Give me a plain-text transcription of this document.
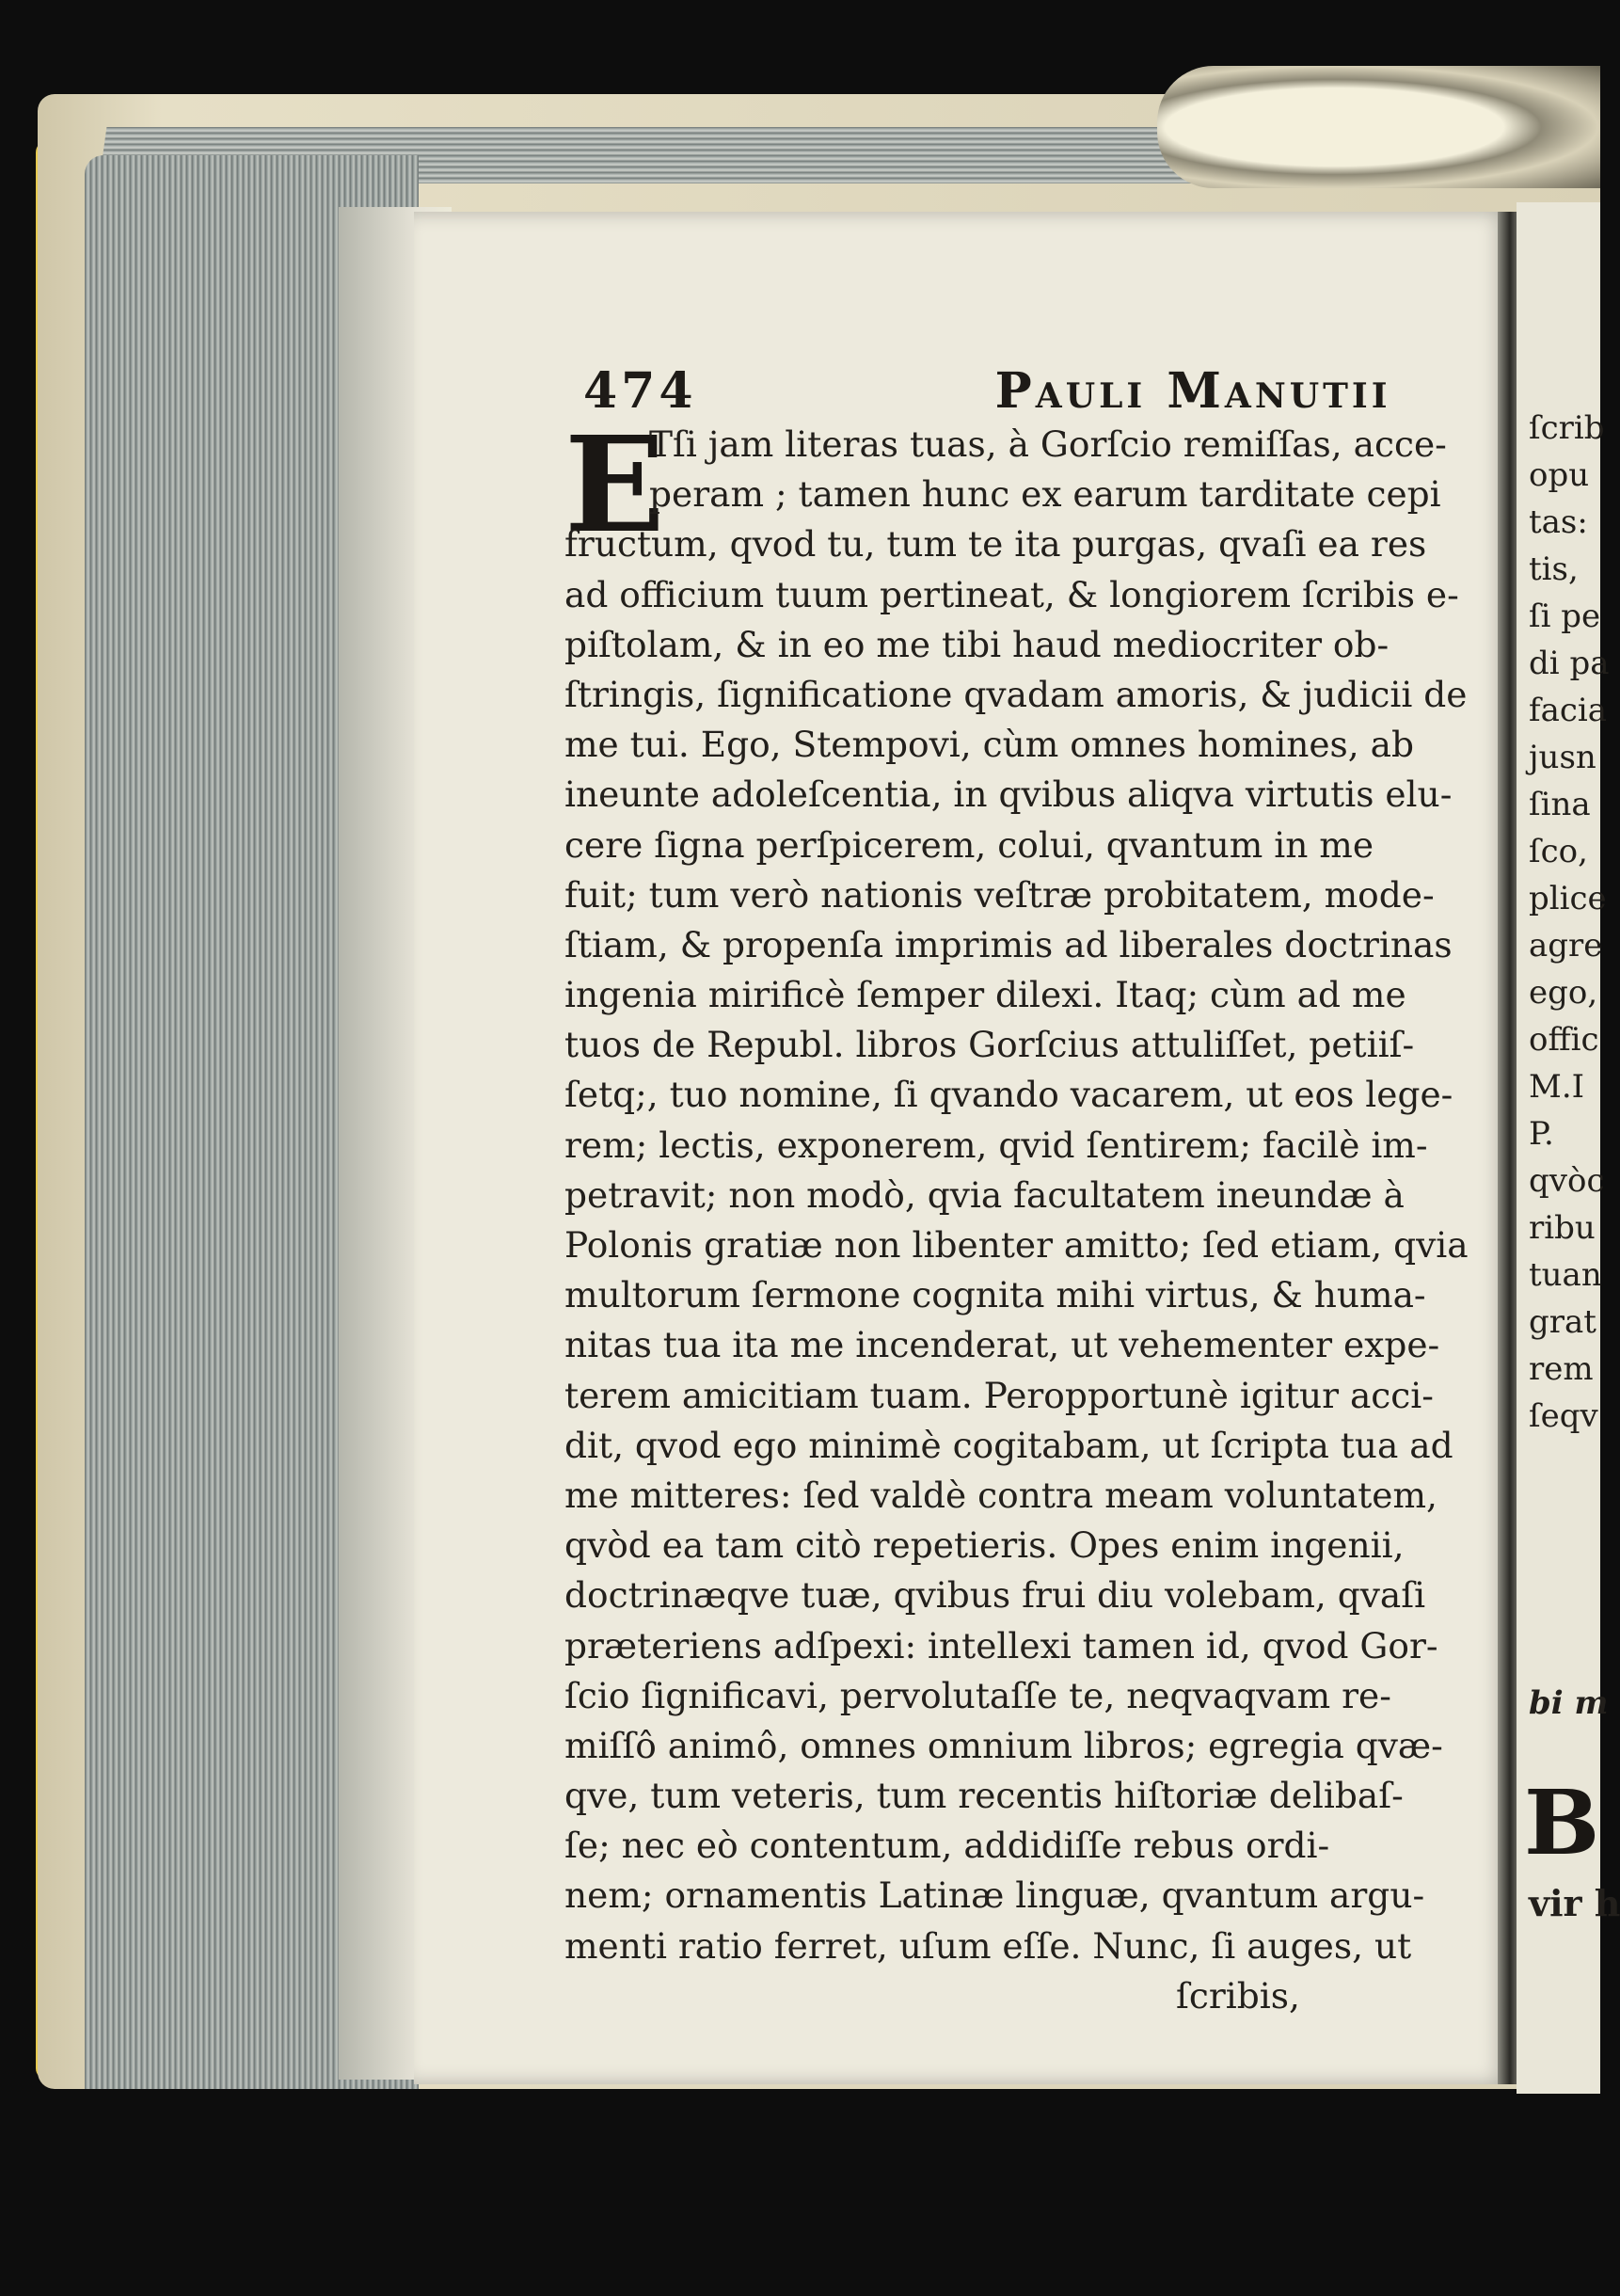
474	Pauli Manutii
E
Tſi jam literas tuas, à Gorſcio remiſſas, acce-
peram ; tamen hunc ex earum tarditate cepi
fructum, qvod tu, tum te ita purgas, qvaſi ea res
ad officium tuum pertineat, & longiorem ſcribis e-
piſtolam, & in eo me tibi haud mediocriter ob-
ſtringis, ſignificatione qvadam amoris, & judicii de
me tui. Ego, Stempovi, cùm omnes homines, ab
ineunte adoleſcentia, in qvibus aliqva virtutis elu-
cere ſigna perſpicerem, colui, qvantum in me
fuit; tum verò nationis veſtræ probitatem, mode-
ſtiam, & propenſa imprimis ad liberales doctrinas
ingenia mirificè ſemper dilexi. Itaq; cùm ad me
tuos de Republ. libros Gorſcius attuliſſet, petiiſ-
ſetq;, tuo nomine, ſi qvando vacarem, ut eos lege-
rem; lectis, exponerem, qvid ſentirem; facilè im-
petravit; non modò, qvia facultatem ineundæ à
Polonis gratiæ non libenter amitto; ſed etiam, qvia
multorum ſermone cognita mihi virtus, & huma-
nitas tua ita me incenderat, ut vehementer expe-
terem amicitiam tuam. Peropportunè igitur acci-
dit, qvod ego minimè cogitabam, ut ſcripta tua ad
me mitteres: ſed valdè contra meam voluntatem,
qvòd ea tam citò repetieris. Opes enim ingenii,
doctrinæqve tuæ, qvibus frui diu volebam, qvaſi
præteriens adſpexi: intellexi tamen id, qvod Gor-
ſcio ſignificavi, pervolutaſſe te, neqvaqvam re-
miſſô animô, omnes omnium libros; egregia qvæ-
qve, tum veteris, tum recentis hiſtoriæ delibaſ-
ſe; nec eò contentum, addidiſſe rebus ordi-
nem; ornamentis Latinæ linguæ, qvantum argu-
menti ratio ferret, uſum eſſe. Nunc, ſi auges, ut
ſcribis,
ſcrib
opu
tas:
tis,
ſi pe
di pa
facia
jusn
ſina
ſco,
plice
agre
ego,
offic
M.I
P.
qvòc
ribu
tuan
grat
rem
ſeqv
bi m
B
vir h
